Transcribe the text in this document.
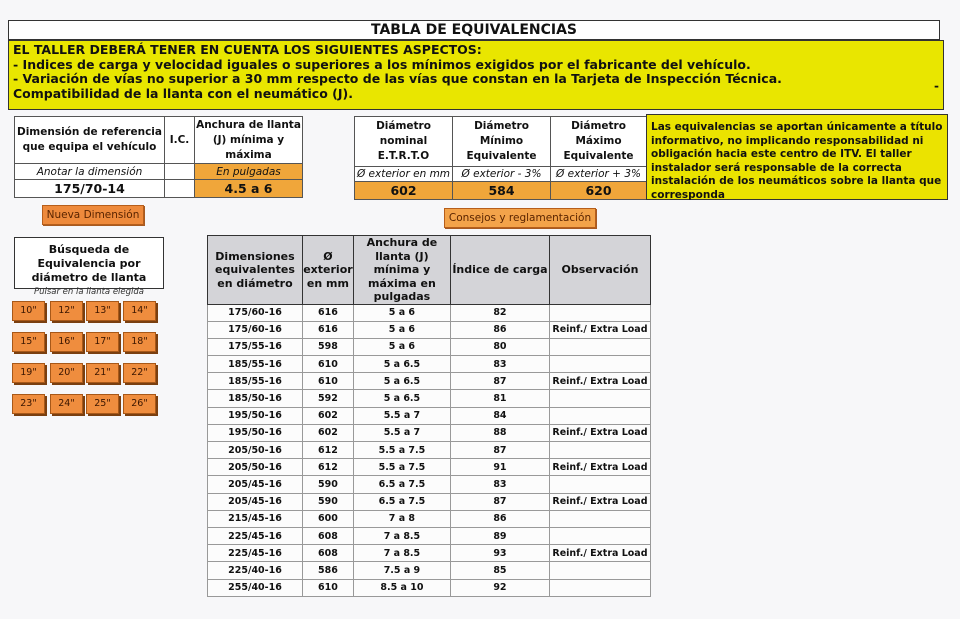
TABLA DE EQUIVALENCIAS
EL TALLER DEBERÁ TENER EN CUENTA LOS SIGUIENTES ASPECTOS:
- Indices de carga y velocidad iguales o superiores a los mínimos exigidos por el fabricante del vehículo.
- Variación de vías no superior a 30 mm respecto de las vías que constan en la Tarjeta de Inspección Técnica.
Compatibilidad de la llanta con el neumático (J).	-
Dimensión de referencia que equipa el vehículo	I.C.	Anchura de llanta (J) mínima y máxima
Anotar la dimensión		En pulgadas
175/70-14		4.5 a 6
Diámetro nominal E.T.R.T.O	Diámetro Mínimo Equivalente	Diámetro Máximo Equivalente
Ø exterior en mm	Ø exterior - 3%	Ø exterior + 3%
602	584	620
Las equivalencias se aportan únicamente a título informativo, no implicando responsabilidad ni obligación hacia este centro de ITV. El taller instalador será responsable de la correcta instalación de los neumáticos sobre la llanta que corresponda
Nueva Dimensión	Consejos y reglamentación
Búsqueda de Equivalencia por diámetro de llanta
Pulsar en la llanta elegida
10"	12"	13"	14"
15"	16"	17"	18"
19"	20"	21"	22"
23"	24"	25"	26"
Dimensiones equivalentes en diámetro	Ø exterior en mm	Anchura de llanta (J) mínima y máxima en pulgadas	Índice de carga	Observación
175/60-16	616	5 a 6	82	
175/60-16	616	5 a 6	86	Reinf./ Extra Load
175/55-16	598	5 a 6	80	
185/55-16	610	5 a 6.5	83	
185/55-16	610	5 a 6.5	87	Reinf./ Extra Load
185/50-16	592	5 a 6.5	81	
195/50-16	602	5.5 a 7	84	
195/50-16	602	5.5 a 7	88	Reinf./ Extra Load
205/50-16	612	5.5 a 7.5	87	
205/50-16	612	5.5 a 7.5	91	Reinf./ Extra Load
205/45-16	590	6.5 a 7.5	83	
205/45-16	590	6.5 a 7.5	87	Reinf./ Extra Load
215/45-16	600	7 a 8	86	
225/45-16	608	7 a 8.5	89	
225/45-16	608	7 a 8.5	93	Reinf./ Extra Load
225/40-16	586	7.5 a 9	85	
255/40-16	610	8.5 a 10	92	
